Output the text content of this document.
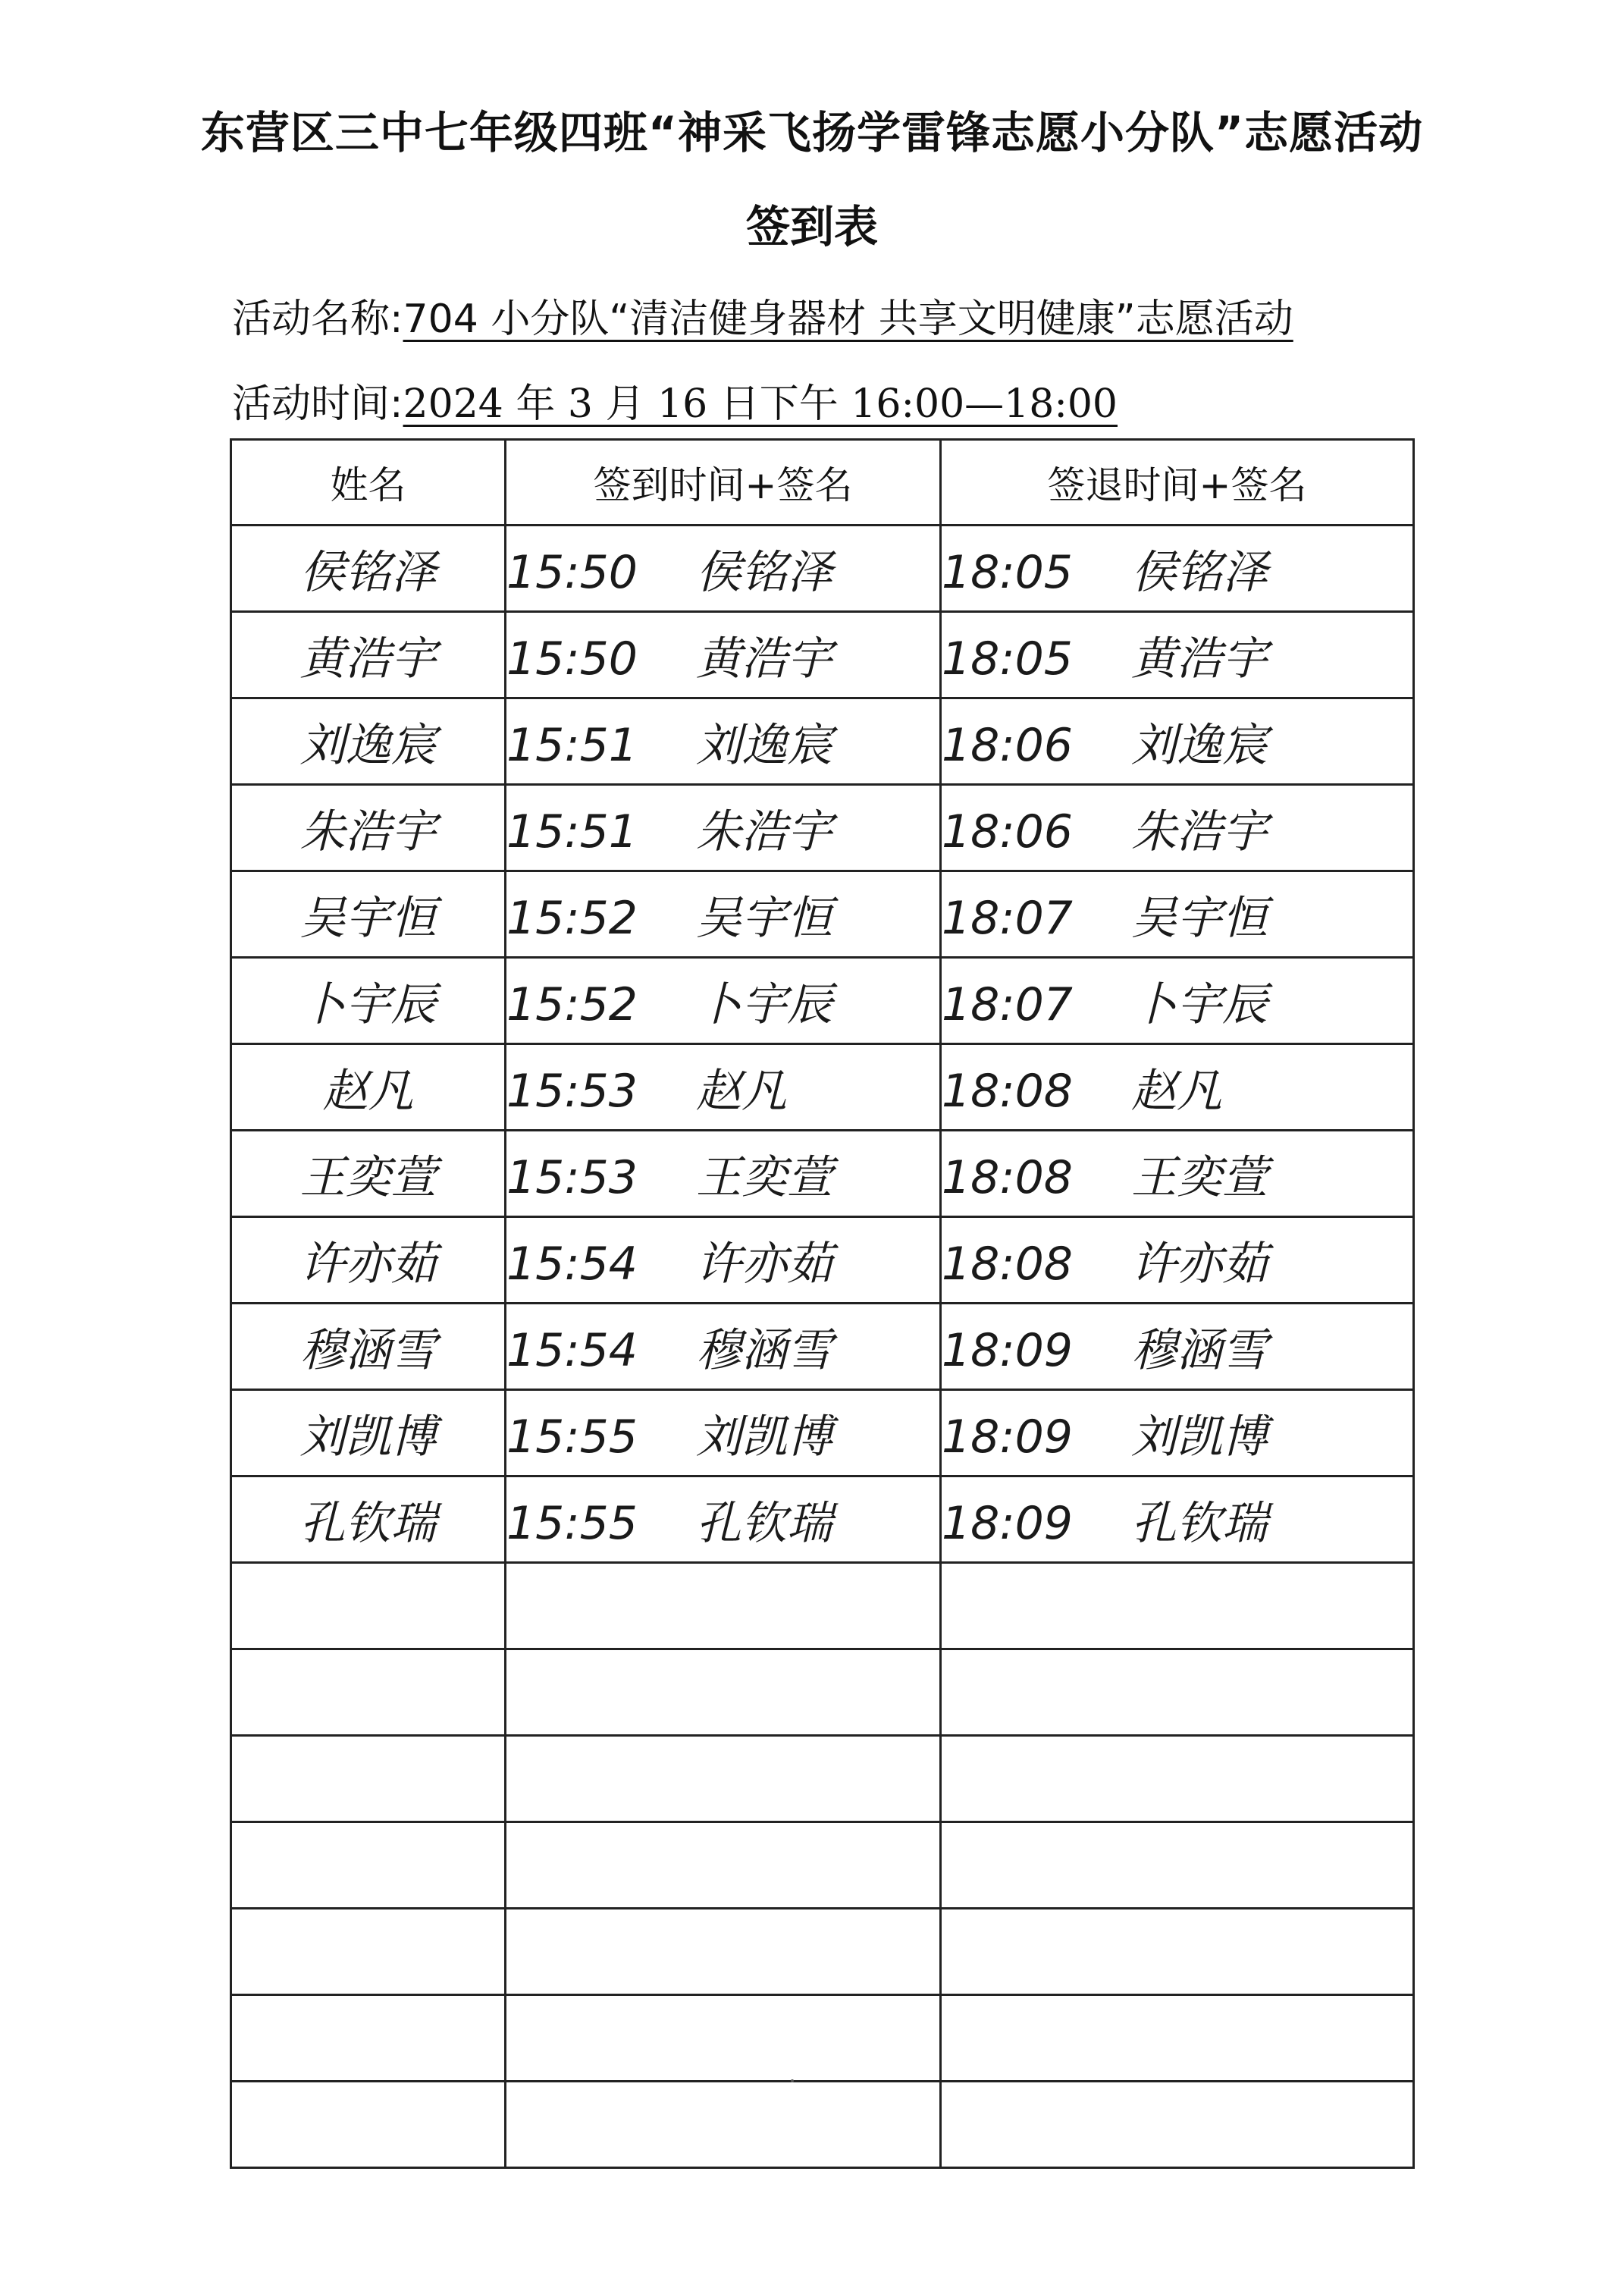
东营区三中七年级四班“神采飞扬学雷锋志愿小分队”志愿活动
签到表
活动名称:704 小分队“清洁健身器材 共享文明健康”志愿活动
活动时间:2024 年 3 月 16 日下午 16:00—18:00
姓名	签到时间+签名	签退时间+签名
侯铭泽	15:50 侯铭泽	18:05 侯铭泽
黄浩宇	15:50 黄浩宇	18:05 黄浩宇
刘逸宸	15:51 刘逸宸	18:06 刘逸宸
朱浩宇	15:51 朱浩宇	18:06 朱浩宇
吴宇恒	15:52 吴宇恒	18:07 吴宇恒
卜宇辰	15:52 卜宇辰	18:07 卜宇辰
赵凡	15:53 赵凡	18:08 赵凡
王奕萱	15:53 王奕萱	18:08 王奕萱
许亦茹	15:54 许亦茹	18:08 许亦茹
穆涵雪	15:54 穆涵雪	18:09 穆涵雪
刘凯博	15:55 刘凯博	18:09 刘凯博
孔钦瑞	15:55 孔钦瑞	18:09 孔钦瑞
